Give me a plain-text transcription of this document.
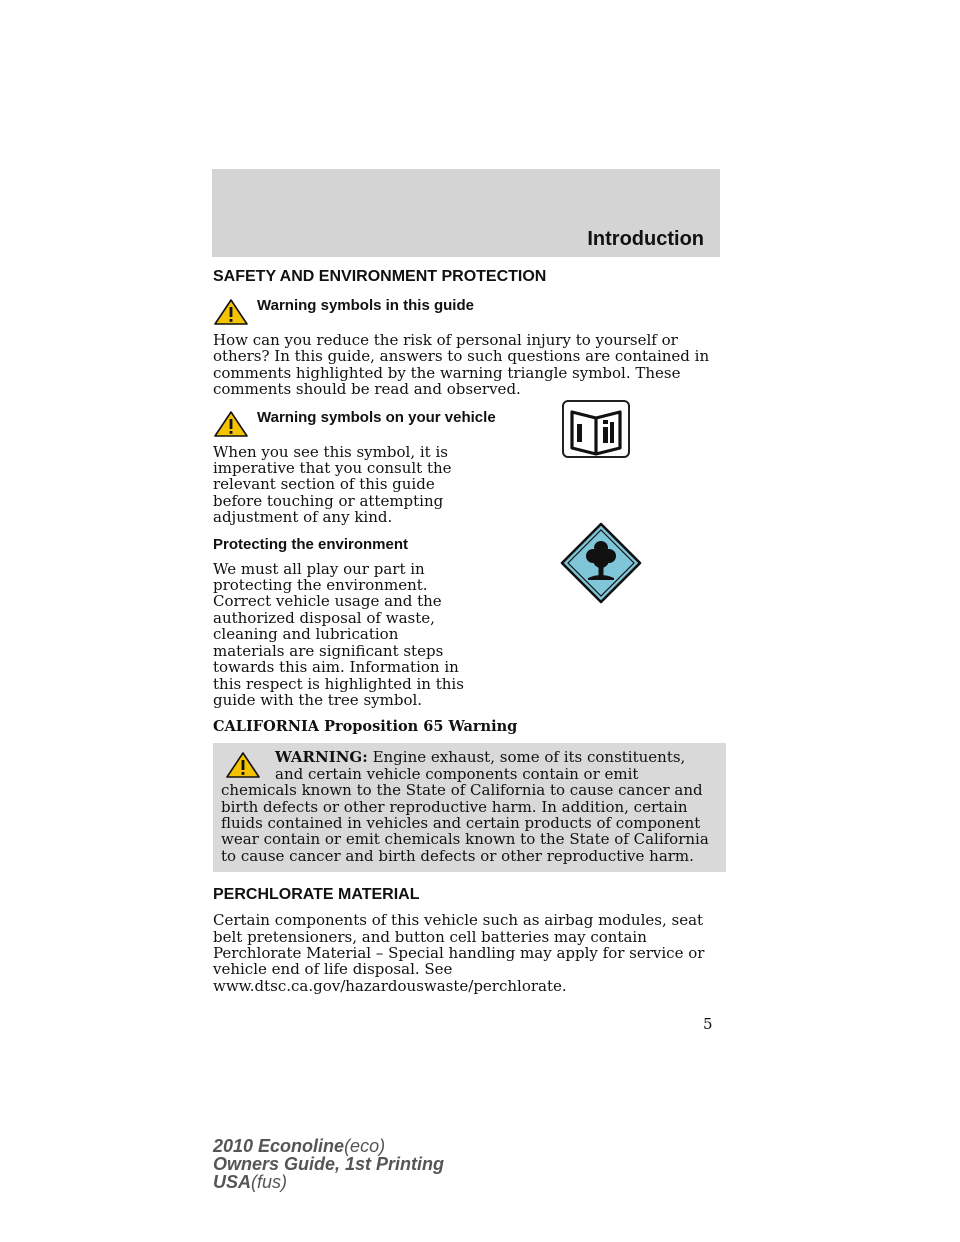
Introduction
SAFETY AND ENVIRONMENT PROTECTION
Warning symbols in this guide

How can you reduce the risk of personal injury to yourself or others? In this guide, answers to such questions are contained in comments highlighted by the warning triangle symbol. These comments should be read and observed.

Warning symbols on your vehicle

When you see this symbol, it is imperative that you consult the relevant section of this guide before touching or attempting adjustment of any kind.

Protecting the environment

We must all play our part in protecting the environment. Correct vehicle usage and the authorized disposal of waste, cleaning and lubrication materials are significant steps towards this aim. Information in this respect is highlighted in this guide with the tree symbol.

CALIFORNIA Proposition 65 Warning

WARNING: Engine exhaust, some of its constituents, and certain vehicle components contain or emit chemicals known to the State of California to cause cancer and birth defects or other reproductive harm. In addition, certain fluids contained in vehicles and certain products of component wear contain or emit chemicals known to the State of California to cause cancer and birth defects or other reproductive harm.

PERCHLORATE MATERIAL

Certain components of this vehicle such as airbag modules, seat belt pretensioners, and button cell batteries may contain Perchlorate Material – Special handling may apply for service or vehicle end of life disposal. See www.dtsc.ca.gov/hazardouswaste/perchlorate.

5
2010 Econoline(eco)
Owners Guide, 1st Printing
USA(fus)
